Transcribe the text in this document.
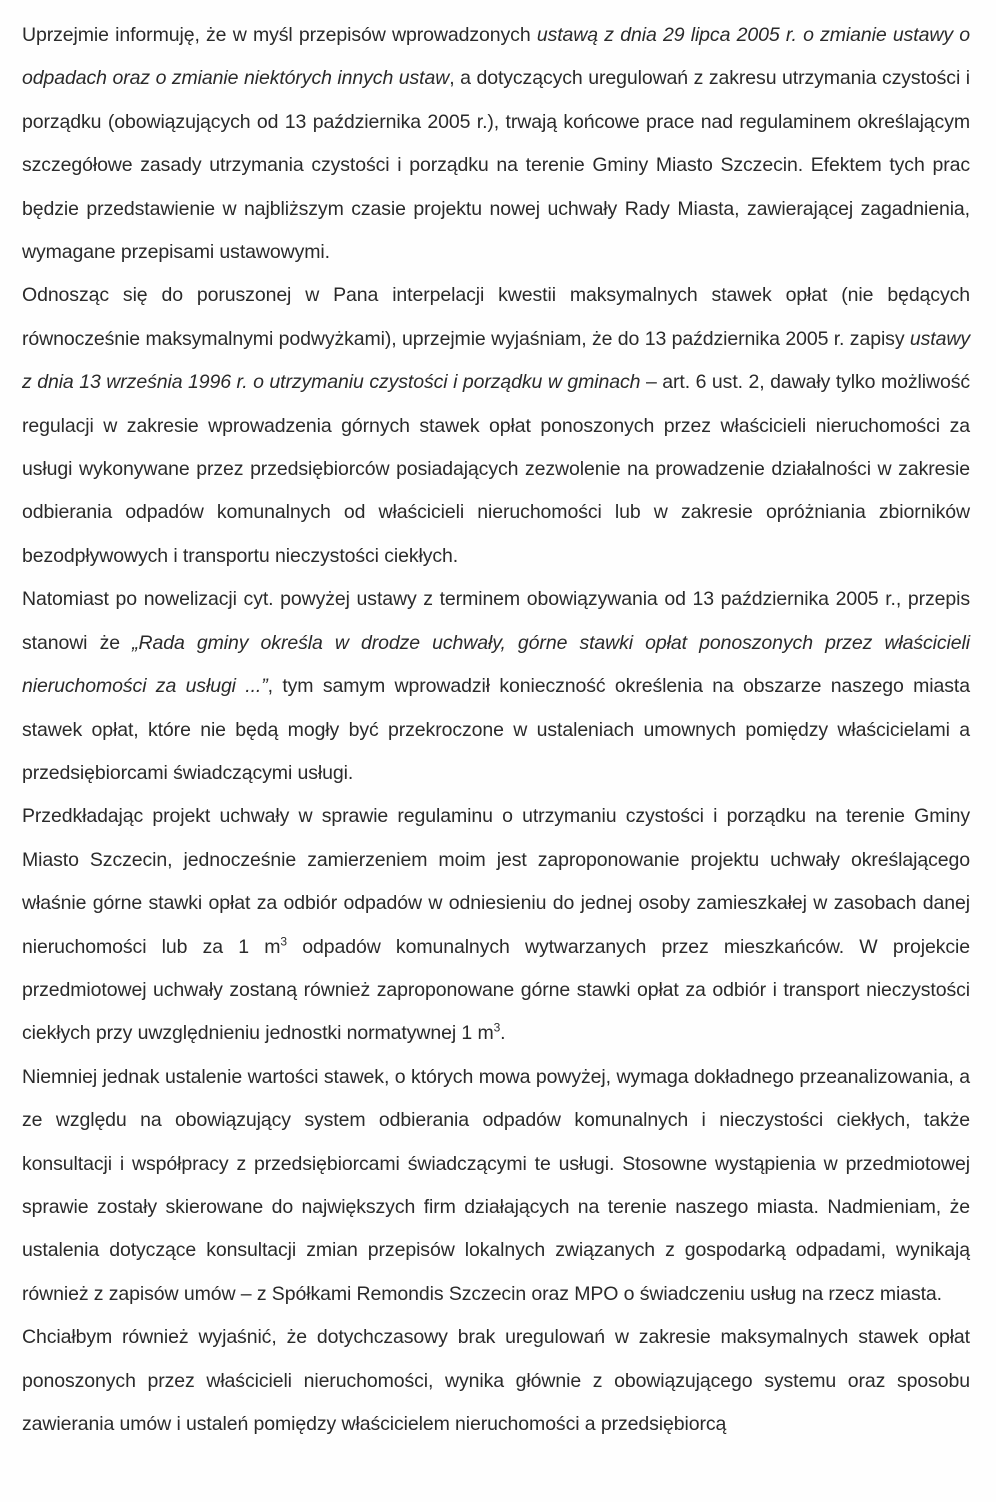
Uprzejmie informuję, że w myśl przepisów wprowadzonych ustawą z dnia 29 lipca 2005 r. o zmianie ustawy o odpadach oraz o zmianie niektórych innych ustaw, a dotyczących uregulowań z zakresu utrzymania czystości i porządku (obowiązujących od 13 października 2005 r.), trwają końcowe prace nad regulaminem określającym szczegółowe zasady utrzymania czystości i porządku na terenie Gminy Miasto Szczecin. Efektem tych prac będzie przedstawienie w najbliższym czasie projektu nowej uchwały Rady Miasta, zawierającej zagadnienia, wymagane przepisami ustawowymi.

Odnosząc się do poruszonej w Pana interpelacji kwestii maksymalnych stawek opłat (nie będących równocześnie maksymalnymi podwyżkami), uprzejmie wyjaśniam, że do 13 października 2005 r. zapisy ustawy z dnia 13 września 1996 r. o utrzymaniu czystości i porządku w gminach – art. 6 ust. 2, dawały tylko możliwość regulacji w zakresie wprowadzenia górnych stawek opłat ponoszonych przez właścicieli nieruchomości za usługi wykonywane przez przedsiębiorców posiadających zezwolenie na prowadzenie działalności w zakresie odbierania odpadów komunalnych od właścicieli nieruchomości lub w zakresie opróżniania zbiorników bezodpływowych i transportu nieczystości ciekłych.

Natomiast po nowelizacji cyt. powyżej ustawy z terminem obowiązywania od 13 października 2005 r., przepis stanowi że „Rada gminy określa w drodze uchwały, górne stawki opłat ponoszonych przez właścicieli nieruchomości za usługi ...”, tym samym wprowadził konieczność określenia na obszarze naszego miasta stawek opłat, które nie będą mogły być przekroczone w ustaleniach umownych pomiędzy właścicielami a przedsiębiorcami świadczącymi usługi.

Przedkładając projekt uchwały w sprawie regulaminu o utrzymaniu czystości i porządku na terenie Gminy Miasto Szczecin, jednocześnie zamierzeniem moim jest zaproponowanie projektu uchwały określającego właśnie górne stawki opłat za odbiór odpadów w odniesieniu do jednej osoby zamieszkałej w zasobach danej nieruchomości lub za 1 $m^3$ odpadów komunalnych wytwarzanych przez mieszkańców. W projekcie przedmiotowej uchwały zostaną również zaproponowane górne stawki opłat za odbiór i transport nieczystości ciekłych przy uwzględnieniu jednostki normatywnej 1 $m^3$.

Niemniej jednak ustalenie wartości stawek, o których mowa powyżej, wymaga dokładnego przeanalizowania, a ze względu na obowiązujący system odbierania odpadów komunalnych i nieczystości ciekłych, także konsultacji i współpracy z przedsiębiorcami świadczącymi te usługi. Stosowne wystąpienia w przedmiotowej sprawie zostały skierowane do największych firm działających na terenie naszego miasta. Nadmieniam, że ustalenia dotyczące konsultacji zmian przepisów lokalnych związanych z gospodarką odpadami, wynikają również z zapisów umów – z Spółkami Remondis Szczecin oraz MPO o świadczeniu usług na rzecz miasta.

Chciałbym również wyjaśnić, że dotychczasowy brak uregulowań w zakresie maksymalnych stawek opłat ponoszonych przez właścicieli nieruchomości, wynika głównie z obowiązującego systemu oraz sposobu zawierania umów i ustaleń pomiędzy właścicielem nieruchomości a przedsiębiorcą
